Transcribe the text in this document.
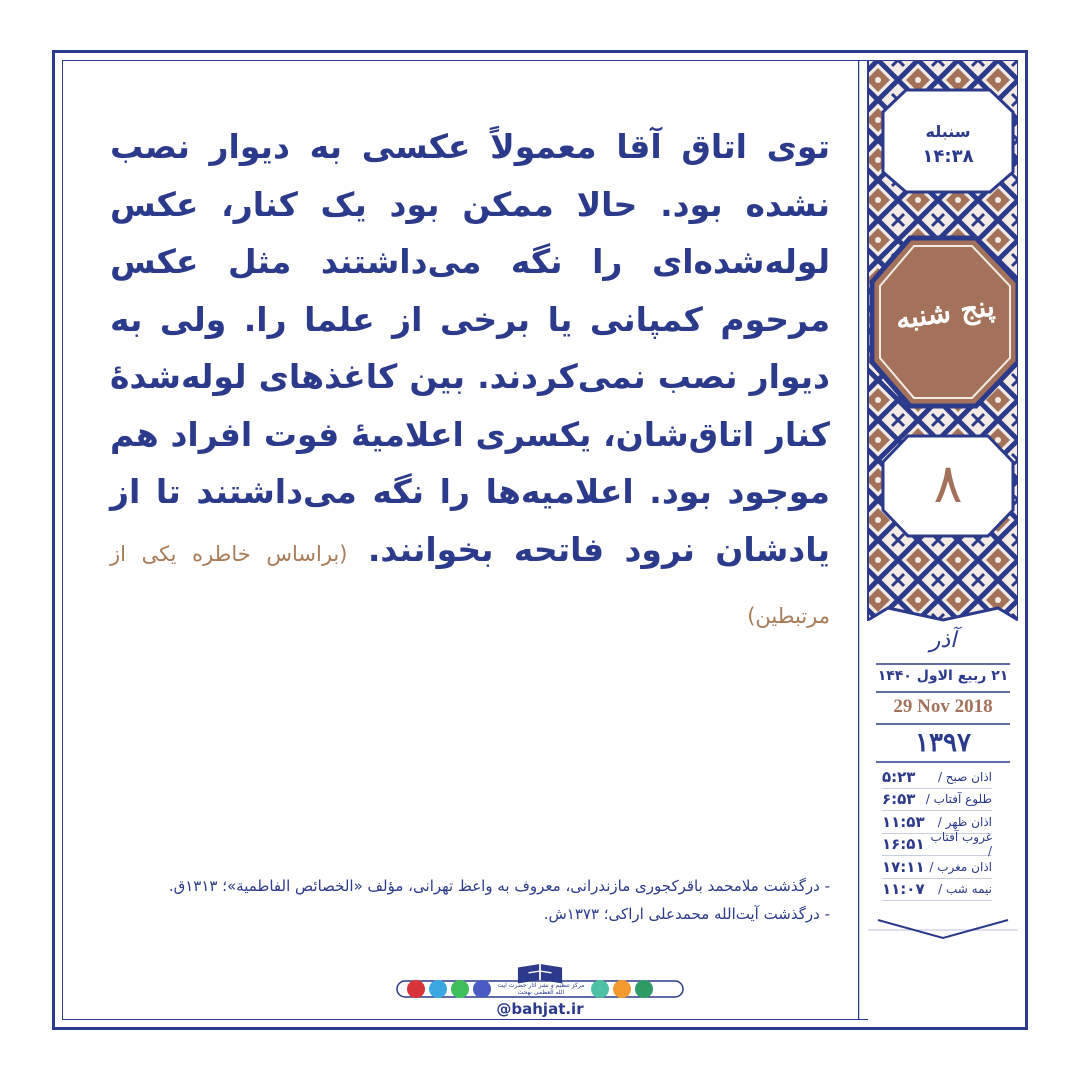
سنبله
۱۴:۳۸
پنج شنبه
۸
آذر
۲۱ ربیع الاول ۱۴۴۰
29 Nov 2018
۱۳۹۷
اذان صبح /
۵:۲۳
طلوع آفتاب /
۶:۵۳
اذان ظهر /
۱۱:۵۳
غروب آفتاب /
۱۶:۵۱
اذان مغرب /
۱۷:۱۱
نیمه شب /
۱۱:۰۷
توی اتاق آقا معمولاً عکسی به دیوار نصب نشده بود. حالا ممکن بود یک کنار، عکس لوله‌شده‌ای را نگه می‌داشتند مثل عکس مرحوم کمپانی یا برخی از علما را. ولی به دیوار نصب نمی‌کردند. بین کاغذهای لوله‌شدهٔ کنار اتاق‌شان، یکسری اعلامیهٔ فوت افراد هم موجود بود. اعلامیه‌ها را نگه می‌داشتند تا از یادشان نرود فاتحه بخوانند. (براساس خاطره یکی از مرتبطین)
- درگذشت ملامحمد باقرکجوری مازندرانی، معروف به واعظ تهرانی، مؤلف «الخصائص الفاطمیة»؛ ۱۳۱۳ق.
- درگذشت آیت‌الله محمدعلی اراکی؛ ۱۳۷۳ش.
مرکز تنظیم و نشر آثار حضرت آیت الله العظمی بهجت
@bahjat.ir
